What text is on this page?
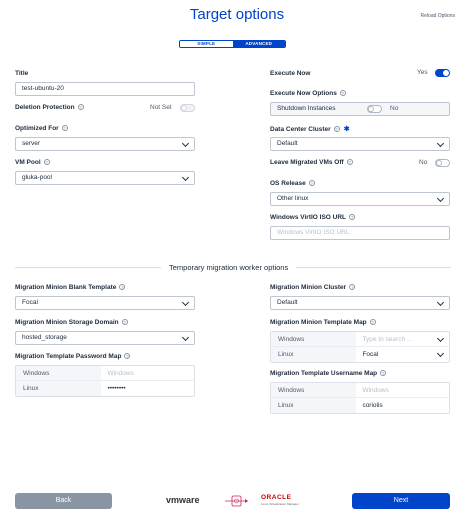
Target options	Reload Options
SIMPLE	ADVANCED
Title
test-ubuntu-20
Deletion Protection ?	Not Set
Optimized For ?
server
VM Pool ?
gluka-pool
Execute Now	Yes
Execute Now Options ?
Shutdown Instances	No
Data Center Cluster ? ✱
Default
Leave Migrated VMs Off ?	No
OS Release ?
Other linux
Windows VirtIO ISO URL ?
Windows VirtIO ISO URL
Temporary migration worker options
Migration Minion Blank Template ?
Focal
Migration Minion Storage Domain ?
hosted_storage
Migration Template Password Map ?
Windows	Windows
Linux	••••••••
Migration Minion Cluster ?
Default
Migration Minion Template Map ?
Windows	Type to search ...
Linux	Focal
Migration Template Username Map ?
Windows	Windows
Linux	coriolis
Back	vmware	ORACLE
Linux Virtualization Manager	Next
